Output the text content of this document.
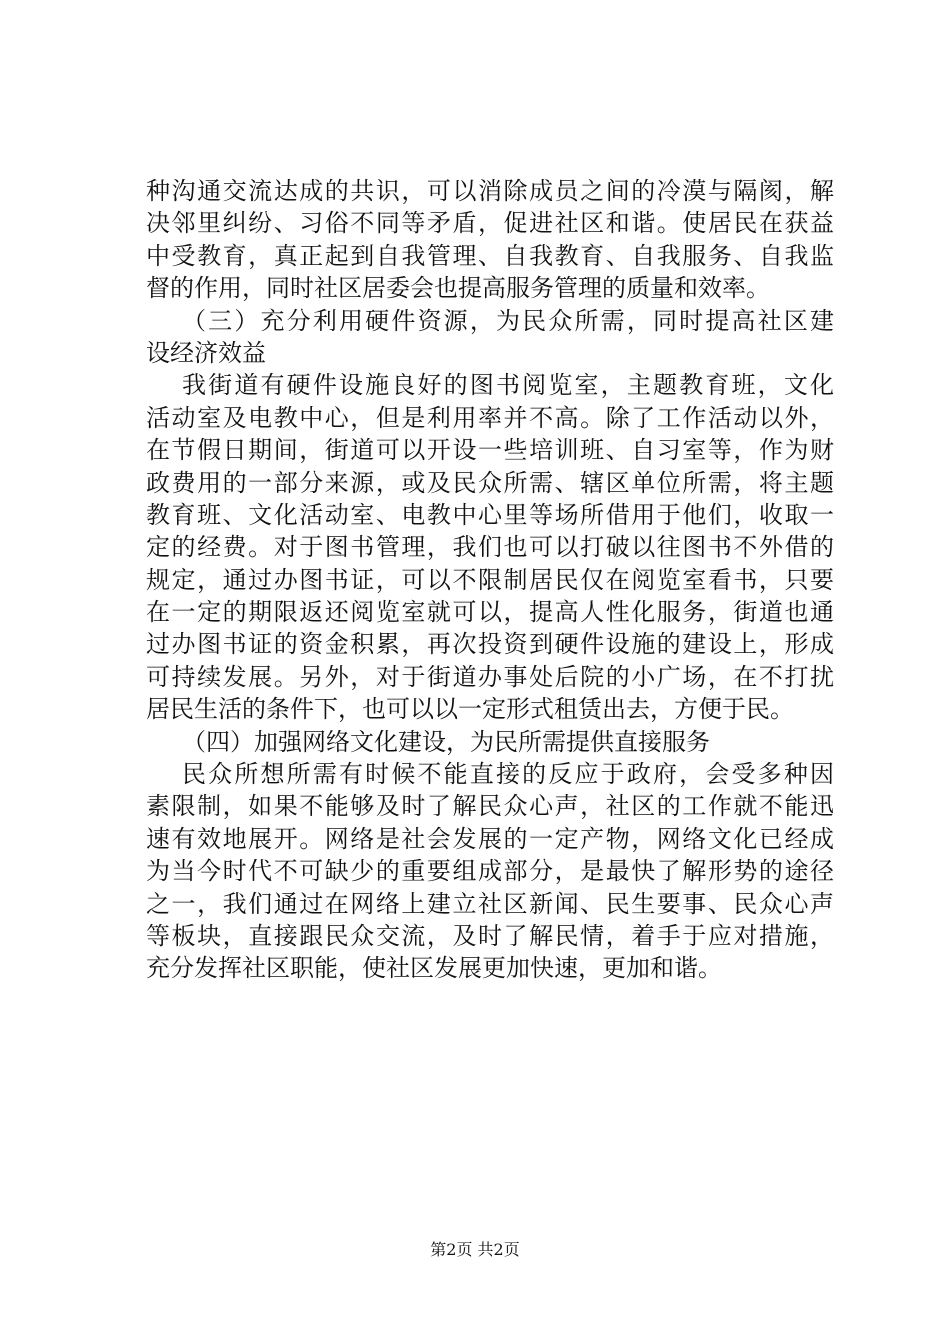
种沟通交流达成的共识，可以消除成员之间的冷漠与隔阂，解
决邻里纠纷、习俗不同等矛盾，促进社区和谐。使居民在获益
中受教育，真正起到自我管理、自我教育、自我服务、自我监
督的作用，同时社区居委会也提高服务管理的质量和效率。
（三）充分利用硬件资源，为民众所需，同时提高社区建
设经济效益
我街道有硬件设施良好的图书阅览室，主题教育班，文化
活动室及电教中心，但是利用率并不高。除了工作活动以外，
在节假日期间，街道可以开设一些培训班、自习室等，作为财
政费用的一部分来源，或及民众所需、辖区单位所需，将主题
教育班、文化活动室、电教中心里等场所借用于他们，收取一
定的经费。对于图书管理，我们也可以打破以往图书不外借的
规定，通过办图书证，可以不限制居民仅在阅览室看书，只要
在一定的期限返还阅览室就可以，提高人性化服务，街道也通
过办图书证的资金积累，再次投资到硬件设施的建设上，形成
可持续发展。另外，对于街道办事处后院的小广场，在不打扰
居民生活的条件下，也可以以一定形式租赁出去，方便于民。
（四）加强网络文化建设，为民所需提供直接服务
民众所想所需有时候不能直接的反应于政府，会受多种因
素限制，如果不能够及时了解民众心声，社区的工作就不能迅
速有效地展开。网络是社会发展的一定产物，网络文化已经成
为当今时代不可缺少的重要组成部分，是最快了解形势的途径
之一，我们通过在网络上建立社区新闻、民生要事、民众心声
等板块，直接跟民众交流，及时了解民情，着手于应对措施，
充分发挥社区职能，使社区发展更加快速，更加和谐。
第2页 共2页
